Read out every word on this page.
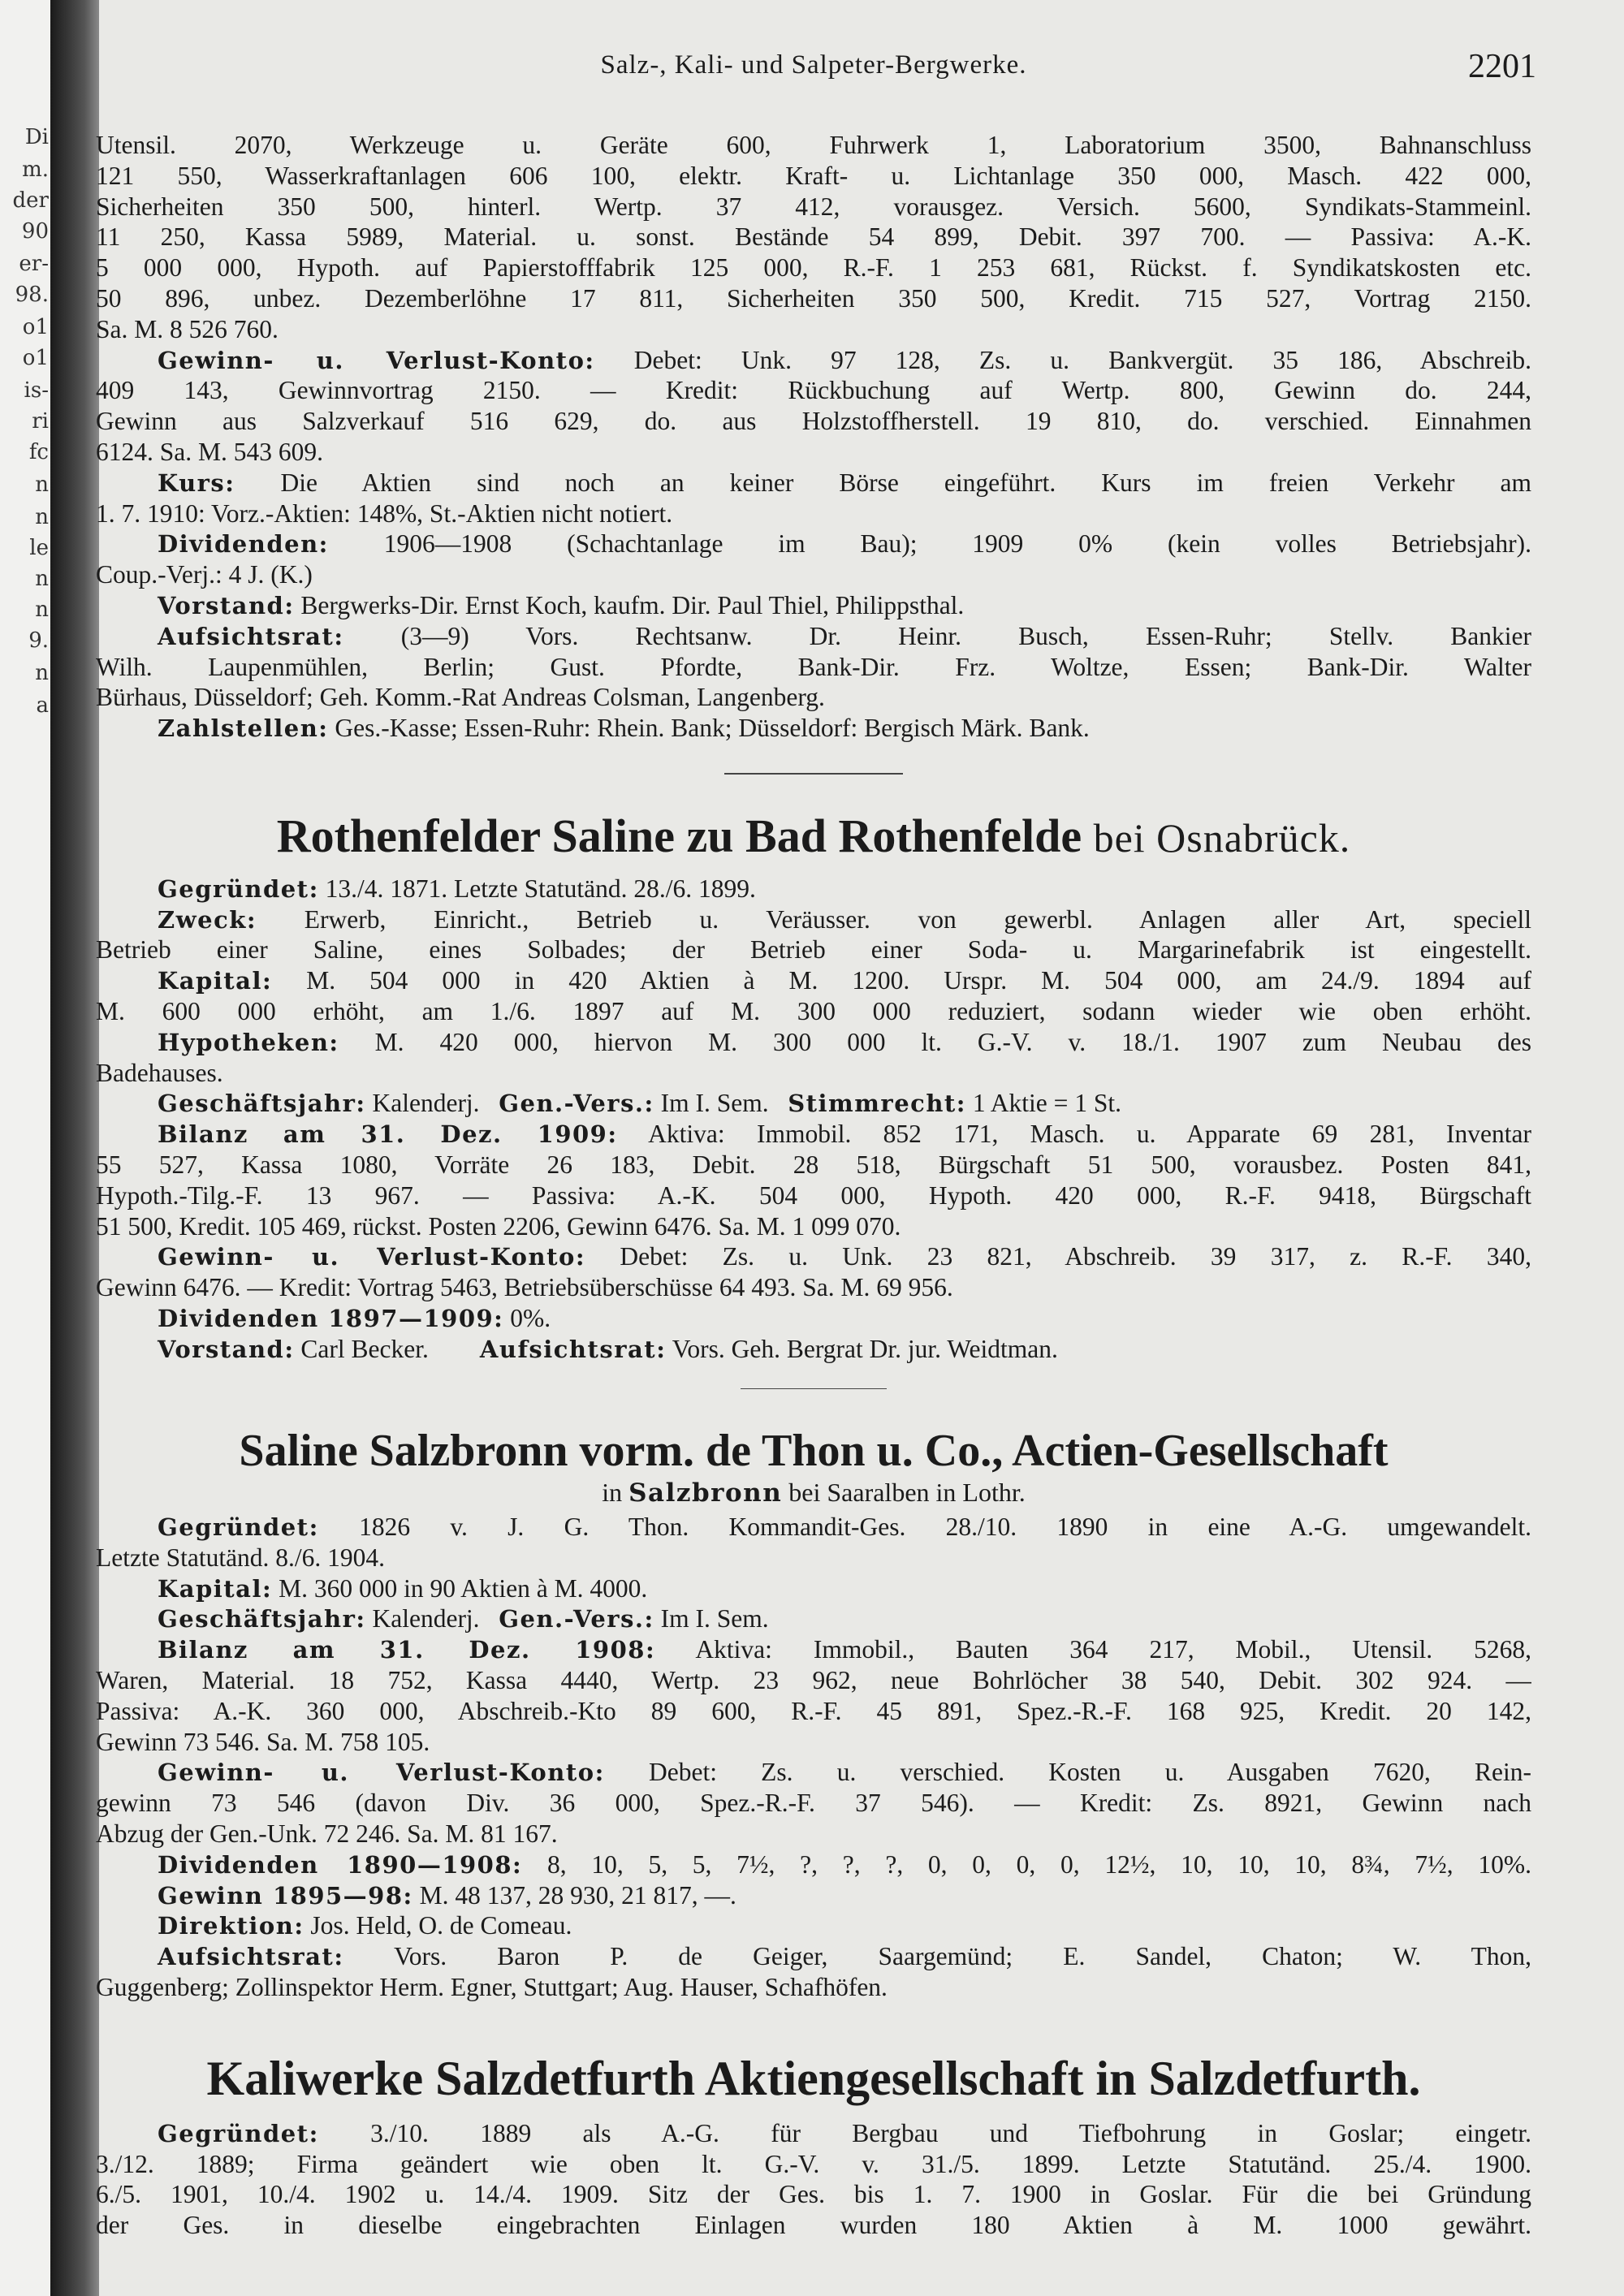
Di
m.
der
90
er-
98.
o1
o1
is-
ri
fc
n
n
le
n
n
9.
n
a
Salz-, Kali- und Salpeter-Bergwerke.	2201
Utensil. 2070, Werkzeuge u. Geräte 600, Fuhrwerk 1, Laboratorium 3500, Bahnanschluss
121 550, Wasserkraftanlagen 606 100, elektr. Kraft- u. Lichtanlage 350 000, Masch. 422 000,
Sicherheiten 350 500, hinterl. Wertp. 37 412, vorausgez. Versich. 5600, Syndikats-Stammeinl.
11 250, Kassa 5989, Material. u. sonst. Bestände 54 899, Debit. 397 700. — Passiva: A.-K.
5 000 000, Hypoth. auf Papierstofffabrik 125 000, R.-F. 1 253 681, Rückst. f. Syndikatskosten etc.
50 896, unbez. Dezemberlöhne 17 811, Sicherheiten 350 500, Kredit. 715 527, Vortrag 2150.
Sa. M. 8 526 760.
Gewinn- u. Verlust-Konto: Debet: Unk. 97 128, Zs. u. Bankvergüt. 35 186, Abschreib.
409 143, Gewinnvortrag 2150. — Kredit: Rückbuchung auf Wertp. 800, Gewinn do. 244,
Gewinn aus Salzverkauf 516 629, do. aus Holzstoffherstell. 19 810, do. verschied. Einnahmen
6124. Sa. M. 543 609.
Kurs: Die Aktien sind noch an keiner Börse eingeführt. Kurs im freien Verkehr am
1. 7. 1910: Vorz.-Aktien: 148%, St.-Aktien nicht notiert.
Dividenden: 1906—1908 (Schachtanlage im Bau); 1909 0% (kein volles Betriebsjahr).
Coup.-Verj.: 4 J. (K.)
Vorstand: Bergwerks-Dir. Ernst Koch, kaufm. Dir. Paul Thiel, Philippsthal.
Aufsichtsrat: (3—9) Vors. Rechtsanw. Dr. Heinr. Busch, Essen-Ruhr; Stellv. Bankier
Wilh. Laupenmühlen, Berlin; Gust. Pfordte, Bank-Dir. Frz. Woltze, Essen; Bank-Dir. Walter
Bürhaus, Düsseldorf; Geh. Komm.-Rat Andreas Colsman, Langenberg.
Zahlstellen: Ges.-Kasse; Essen-Ruhr: Rhein. Bank; Düsseldorf: Bergisch Märk. Bank.
Rothenfelder Saline zu Bad Rothenfelde bei Osnabrück.
Gegründet: 13./4. 1871. Letzte Statutänd. 28./6. 1899.
Zweck: Erwerb, Einricht., Betrieb u. Veräusser. von gewerbl. Anlagen aller Art, speciell
Betrieb einer Saline, eines Solbades; der Betrieb einer Soda- u. Margarinefabrik ist eingestellt.
Kapital: M. 504 000 in 420 Aktien à M. 1200. Urspr. M. 504 000, am 24./9. 1894 auf
M. 600 000 erhöht, am 1./6. 1897 auf M. 300 000 reduziert, sodann wieder wie oben erhöht.
Hypotheken: M. 420 000, hiervon M. 300 000 lt. G.-V. v. 18./1. 1907 zum Neubau des
Badehauses.
Geschäftsjahr: Kalenderj. Gen.-Vers.: Im I. Sem. Stimmrecht: 1 Aktie = 1 St.
Bilanz am 31. Dez. 1909: Aktiva: Immobil. 852 171, Masch. u. Apparate 69 281, Inventar
55 527, Kassa 1080, Vorräte 26 183, Debit. 28 518, Bürgschaft 51 500, vorausbez. Posten 841,
Hypoth.-Tilg.-F. 13 967. — Passiva: A.-K. 504 000, Hypoth. 420 000, R.-F. 9418, Bürgschaft
51 500, Kredit. 105 469, rückst. Posten 2206, Gewinn 6476. Sa. M. 1 099 070.
Gewinn- u. Verlust-Konto: Debet: Zs. u. Unk. 23 821, Abschreib. 39 317, z. R.-F. 340,
Gewinn 6476. — Kredit: Vortrag 5463, Betriebsüberschüsse 64 493. Sa. M. 69 956.
Dividenden 1897—1909: 0%.
Vorstand: Carl Becker. Aufsichtsrat: Vors. Geh. Bergrat Dr. jur. Weidtman.
Saline Salzbronn vorm. de Thon u. Co., Actien-Gesellschaft
in Salzbronn bei Saaralben in Lothr.
Gegründet: 1826 v. J. G. Thon. Kommandit-Ges. 28./10. 1890 in eine A.-G. umgewandelt.
Letzte Statutänd. 8./6. 1904.
Kapital: M. 360 000 in 90 Aktien à M. 4000.
Geschäftsjahr: Kalenderj. Gen.-Vers.: Im I. Sem.
Bilanz am 31. Dez. 1908: Aktiva: Immobil., Bauten 364 217, Mobil., Utensil. 5268,
Waren, Material. 18 752, Kassa 4440, Wertp. 23 962, neue Bohrlöcher 38 540, Debit. 302 924. —
Passiva: A.-K. 360 000, Abschreib.-Kto 89 600, R.-F. 45 891, Spez.-R.-F. 168 925, Kredit. 20 142,
Gewinn 73 546. Sa. M. 758 105.
Gewinn- u. Verlust-Konto: Debet: Zs. u. verschied. Kosten u. Ausgaben 7620, Rein-
gewinn 73 546 (davon Div. 36 000, Spez.-R.-F. 37 546). — Kredit: Zs. 8921, Gewinn nach
Abzug der Gen.-Unk. 72 246. Sa. M. 81 167.
Dividenden 1890—1908: 8, 10, 5, 5, 7½, ?, ?, ?, 0, 0, 0, 0, 12½, 10, 10, 10, 8¾, 7½, 10%.
Gewinn 1895—98: M. 48 137, 28 930, 21 817, —.
Direktion: Jos. Held, O. de Comeau.
Aufsichtsrat: Vors. Baron P. de Geiger, Saargemünd; E. Sandel, Chaton; W. Thon,
Guggenberg; Zollinspektor Herm. Egner, Stuttgart; Aug. Hauser, Schafhöfen.
Kaliwerke Salzdetfurth Aktiengesellschaft in Salzdetfurth.
Gegründet: 3./10. 1889 als A.-G. für Bergbau und Tiefbohrung in Goslar; eingetr.
3./12. 1889; Firma geändert wie oben lt. G.-V. v. 31./5. 1899. Letzte Statutänd. 25./4. 1900.
6./5. 1901, 10./4. 1902 u. 14./4. 1909. Sitz der Ges. bis 1. 7. 1900 in Goslar. Für die bei Gründung
der Ges. in dieselbe eingebrachten Einlagen wurden 180 Aktien à M. 1000 gewährt.
